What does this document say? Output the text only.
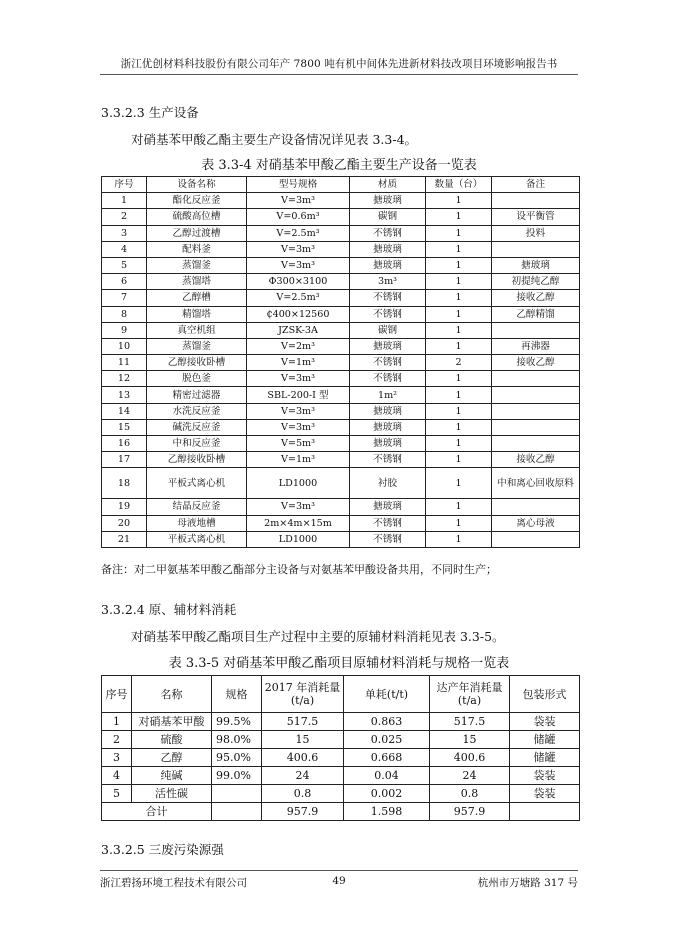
浙江优创材料科技股份有限公司年产 7800 吨有机中间体先进新材料技改项目环境影响报告书
3.3.2.3 生产设备
对硝基苯甲酸乙酯主要生产设备情况详见表 3.3-4。
表 3.3-4 对硝基苯甲酸乙酯主要生产设备一览表
序号	设备名称	型号规格	材质	数量（台）	备注
1	酯化反应釜	V=3m³	搪玻璃	1	
2	硫酸高位槽	V=0.6m³	碳钢	1	设平衡管
3	乙醇过渡槽	V=2.5m³	不锈钢	1	投料
4	配料釜	V=3m³	搪玻璃	1	
5	蒸馏釜	V=3m³	搪玻璃	1	搪玻璃
6	蒸馏塔	Φ300×3100	3m³	1	初提纯乙醇
7	乙醇槽	V=2.5m³	不锈钢	1	接收乙醇
8	精馏塔	₵400×12560	不锈钢	1	乙醇精馏
9	真空机组	JZSK-3A	碳钢	1	
10	蒸馏釜	V=2m³	搪玻璃	1	再沸器
11	乙醇接收卧槽	V=1m³	不锈钢	2	接收乙醇
12	脱色釜	V=3m³	不锈钢	1	
13	精密过滤器	SBL-200-I 型	1m²	1	
14	水洗反应釜	V=3m³	搪玻璃	1	
15	碱洗反应釜	V=3m³	搪玻璃	1	
16	中和反应釜	V=5m³	搪玻璃	1	
17	乙醇接收卧槽	V=1m³	不锈钢	1	接收乙醇
18	平板式离心机	LD1000	衬胶	1	中和离心回收原料
19	结晶反应釜	V=3m³	搪玻璃	1	
20	母液地槽	2m×4m×15m	不锈钢	1	离心母液
21	平板式离心机	LD1000	不锈钢	1	
备注：对二甲氨基苯甲酸乙酯部分主设备与对氨基苯甲酸设备共用，不同时生产；
3.3.2.4 原、辅材料消耗
对硝基苯甲酸乙酯项目生产过程中主要的原辅材料消耗见表 3.3-5。
表 3.3-5 对硝基苯甲酸乙酯项目原辅材料消耗与规格一览表
序号	名称	规格	2017 年消耗量(t/a)	单耗(t/t)	达产年消耗量(t/a)	包装形式
1	对硝基苯甲酸	99.5%	517.5	0.863	517.5	袋装
2	硫酸	98.0%	15	0.025	15	储罐
3	乙醇	95.0%	400.6	0.668	400.6	储罐
4	纯碱	99.0%	24	0.04	24	袋装
5	活性碳		0.8	0.002	0.8	袋装
合计			957.9	1.598	957.9	
3.3.2.5 三废污染源强
浙江碧扬环境工程技术有限公司	49	杭州市万塘路 317 号
